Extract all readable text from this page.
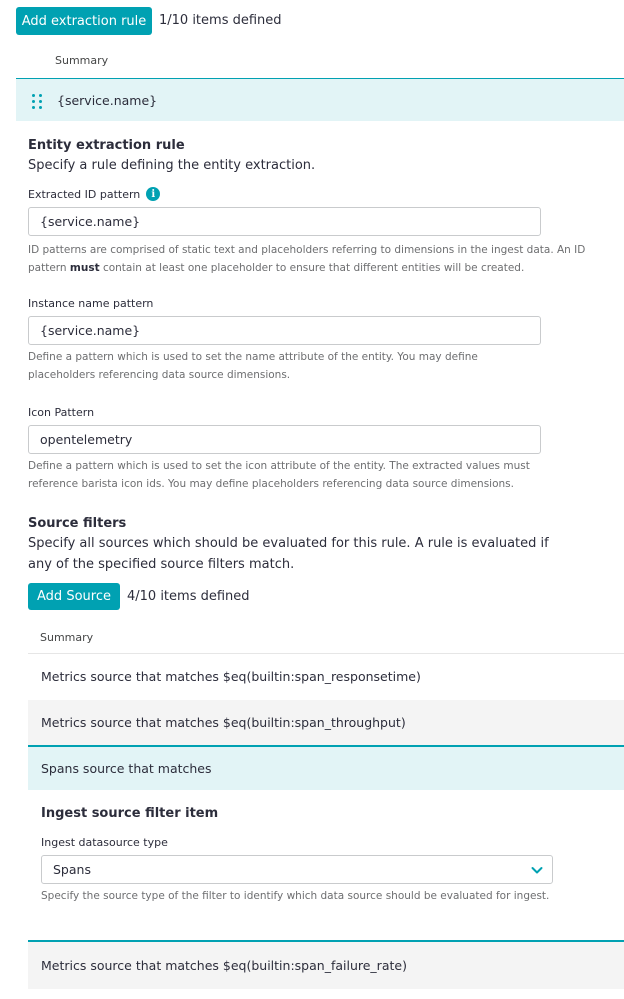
Add extraction rule 1/10 items defined
Summary
{service.name}
Entity extraction rule
Specify a rule defining the entity extraction.
Extracted ID pattern	i
{service.name}
ID patterns are comprised of static text and placeholders referring to dimensions in the ingest data. An ID pattern must contain at least one placeholder to ensure that different entities will be created.
Instance name pattern
{service.name}
Define a pattern which is used to set the name attribute of the entity. You may define placeholders referencing data source dimensions.
Icon Pattern
opentelemetry
Define a pattern which is used to set the icon attribute of the entity. The extracted values must reference barista icon ids. You may define placeholders referencing data source dimensions.
Source filters
Specify all sources which should be evaluated for this rule. A rule is evaluated if any of the specified source filters match.
Add Source	4/10 items defined
Summary
Metrics source that matches $eq(builtin:span_responsetime)
Metrics source that matches $eq(builtin:span_throughput)
Spans source that matches
Ingest source filter item
Ingest datasource type
Spans
Specify the source type of the filter to identify which data source should be evaluated for ingest.
Metrics source that matches $eq(builtin:span_failure_rate)
